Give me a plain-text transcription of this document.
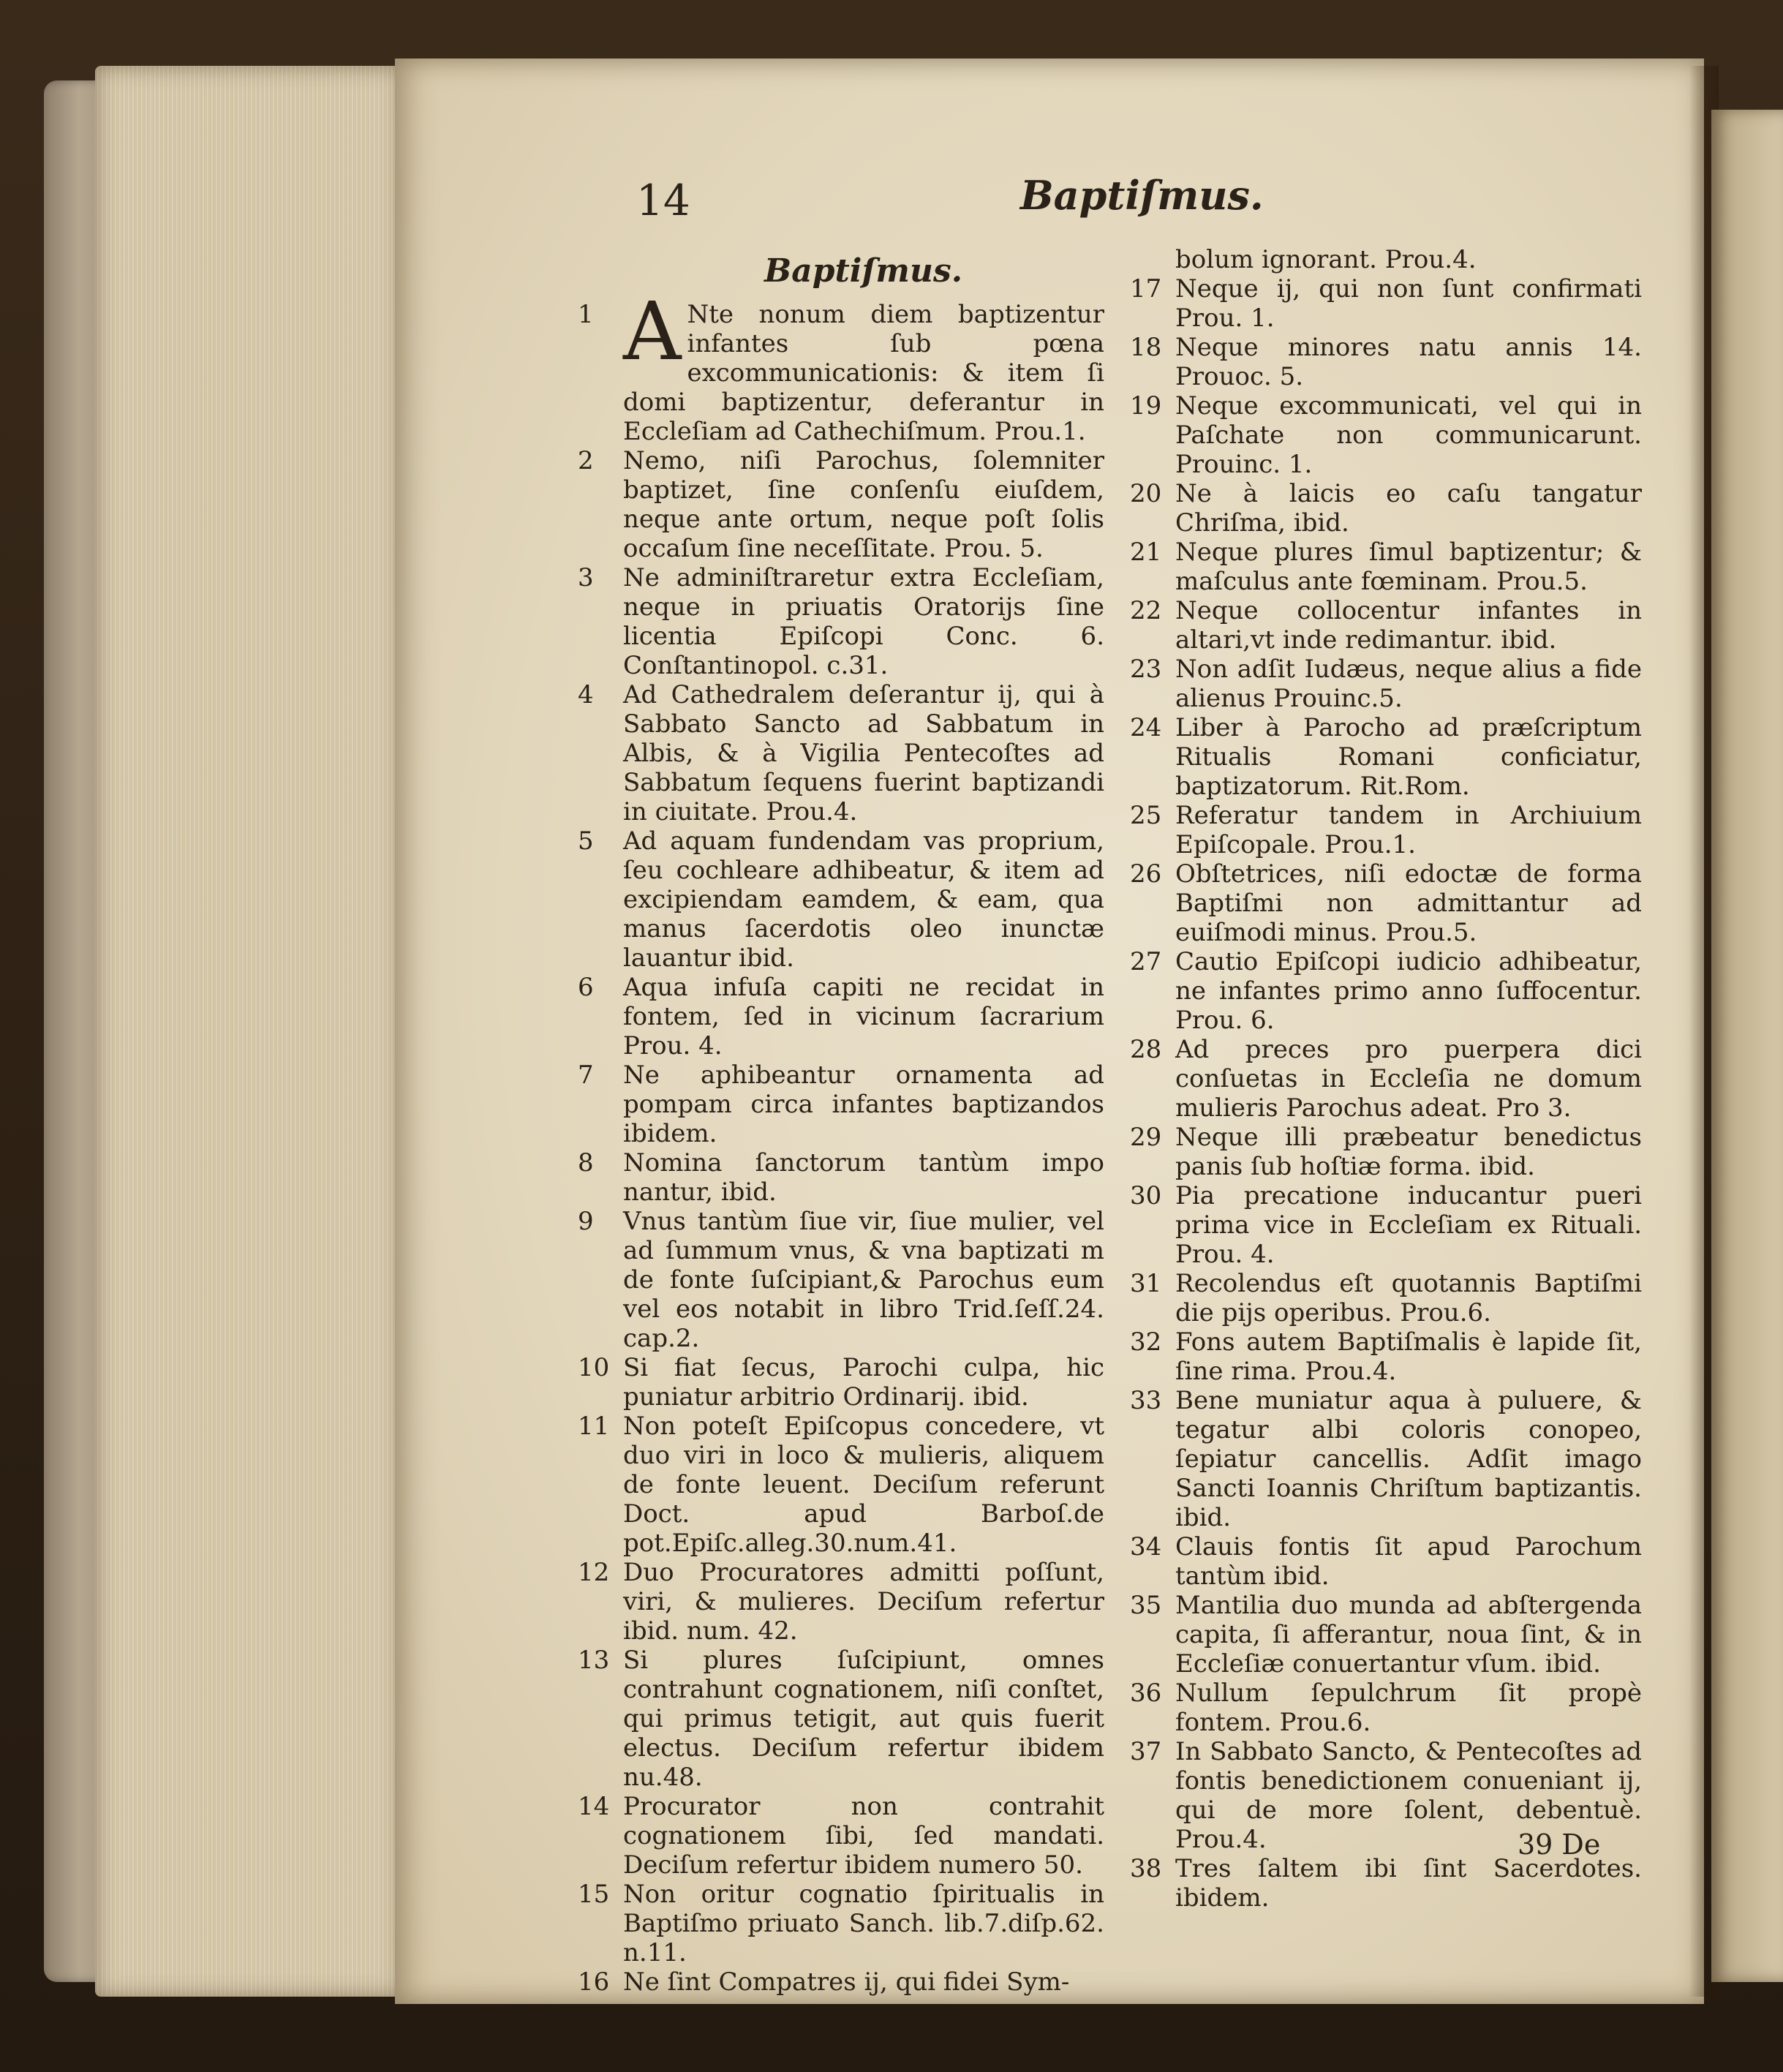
14	Baptiſmus.
Baptiſmus.
1	ANte nonum diem baptizentur infantes ſub pœna excommunicationis: & item ſi domi baptizentur, deferantur in Eccleſiam ad Cathechiſmum. Prou.1.
2	Nemo, niſi Parochus, ſolemniter baptizet, ſine conſenſu eiuſdem, neque ante ortum, neque poſt ſolis occaſum ſine neceſſitate. Prou. 5.
3	Ne adminiſtraretur extra Eccleſiam, neque in priuatis Oratorijs ſine licentia Epiſcopi Conc. 6. Conſtantinopol. c.31.
4	Ad Cathedralem deſerantur ij, qui à Sabbato Sancto ad Sabbatum in Albis, & à Vigilia Pentecoſtes ad Sabbatum ſequens fuerint baptizandi in ciuitate. Prou.4.
5	Ad aquam fundendam vas proprium, ſeu cochleare adhibeatur, & item ad excipiendam eamdem, & eam, qua manus ſacerdotis oleo inunctæ lauantur ibid.
6	Aqua infuſa capiti ne recidat in fontem, ſed in vicinum ſacrarium Prou. 4.
7	Ne aphibeantur ornamenta ad pompam circa infantes baptizandos ibidem.
8	Nomina ſanctorum tantùm impo nantur, ibid.
9	Vnus tantùm ſiue vir, ſiue mulier, vel ad ſummum vnus, & vna baptizati m de fonte ſuſcipiant,& Parochus eum vel eos notabit in libro Trid.ſeſſ.24. cap.2.
10 Si fiat ſecus, Parochi culpa, hic puniatur arbitrio Ordinarij. ibid.
11 Non poteſt Epiſcopus concedere, vt duo viri in loco & mulieris, aliquem de fonte leuent. Deciſum referunt Doct. apud Barboſ.de pot.Epiſc.alleg.30.num.41.
12 Duo Procuratores admitti poſſunt, viri, & mulieres. Deciſum refertur ibid. num. 42.
13 Si plures ſuſcipiunt, omnes contrahunt cognationem, niſi conſtet, qui primus tetigit, aut quis fuerit electus. Deciſum refertur ibidem nu.48.
14 Procurator non contrahit cognationem ſibi, ſed mandati. Deciſum refertur ibidem numero 50.
15 Non oritur cognatio ſpiritualis in Baptiſmo priuato Sanch. lib.7.diſp.62. n.11.
16 Ne ſint Compatres ij, qui fidei Sym-
bolum ignorant. Prou.4.
17 Neque ij, qui non ſunt confirmati Prou. 1.
18 Neque minores natu annis 14. Prouoc. 5.
19 Neque excommunicati, vel qui in Paſchate non communicarunt. Prouinc. 1.
20 Ne à laicis eo caſu tangatur Chriſma, ibid.
21 Neque plures ſimul baptizentur; & maſculus ante fœminam. Prou.5.
22 Neque collocentur infantes in altari,vt inde redimantur. ibid.
23 Non adſit Iudæus, neque alius a fide alienus Prouinc.5.
24 Liber à Parocho ad præſcriptum Ritualis Romani conficiatur, baptizatorum. Rit.Rom.
25 Referatur tandem in Archiuium Epiſcopale. Prou.1.
26 Obſtetrices, niſi edoctæ de forma Baptiſmi non admittantur ad euiſmodi minus. Prou.5.
27 Cautio Epiſcopi iudicio adhibeatur, ne infantes primo anno ſuffocentur. Prou. 6.
28 Ad preces pro puerpera dici conſuetas in Eccleſia ne domum mulieris Parochus adeat. Pro 3.
29 Neque illi præbeatur benedictus panis ſub hoſtiæ forma. ibid.
30 Pia precatione inducantur pueri prima vice in Eccleſiam ex Rituali. Prou. 4.
31 Recolendus eſt quotannis Baptiſmi die pijs operibus. Prou.6.
32 Fons autem Baptiſmalis è lapide ſit, ſine rima. Prou.4.
33 Bene muniatur aqua à puluere, & tegatur albi coloris conopeo, ſepiatur cancellis. Adſit imago Sancti Ioannis Chriſtum baptizantis. ibid.
34 Clauis fontis ſit apud Parochum tantùm ibid.
35 Mantilia duo munda ad abſtergenda capita, ſi afferantur, noua ſint, & in Eccleſiæ conuertantur vſum. ibid.
36 Nullum ſepulchrum ſit propè fontem. Prou.6.
37 In Sabbato Sancto, & Pentecoſtes ad fontis benedictionem conueniant ij, qui de more ſolent, debentuè. Prou.4.
38 Tres ſaltem ibi ſint Sacerdotes. ibidem.
39 De
